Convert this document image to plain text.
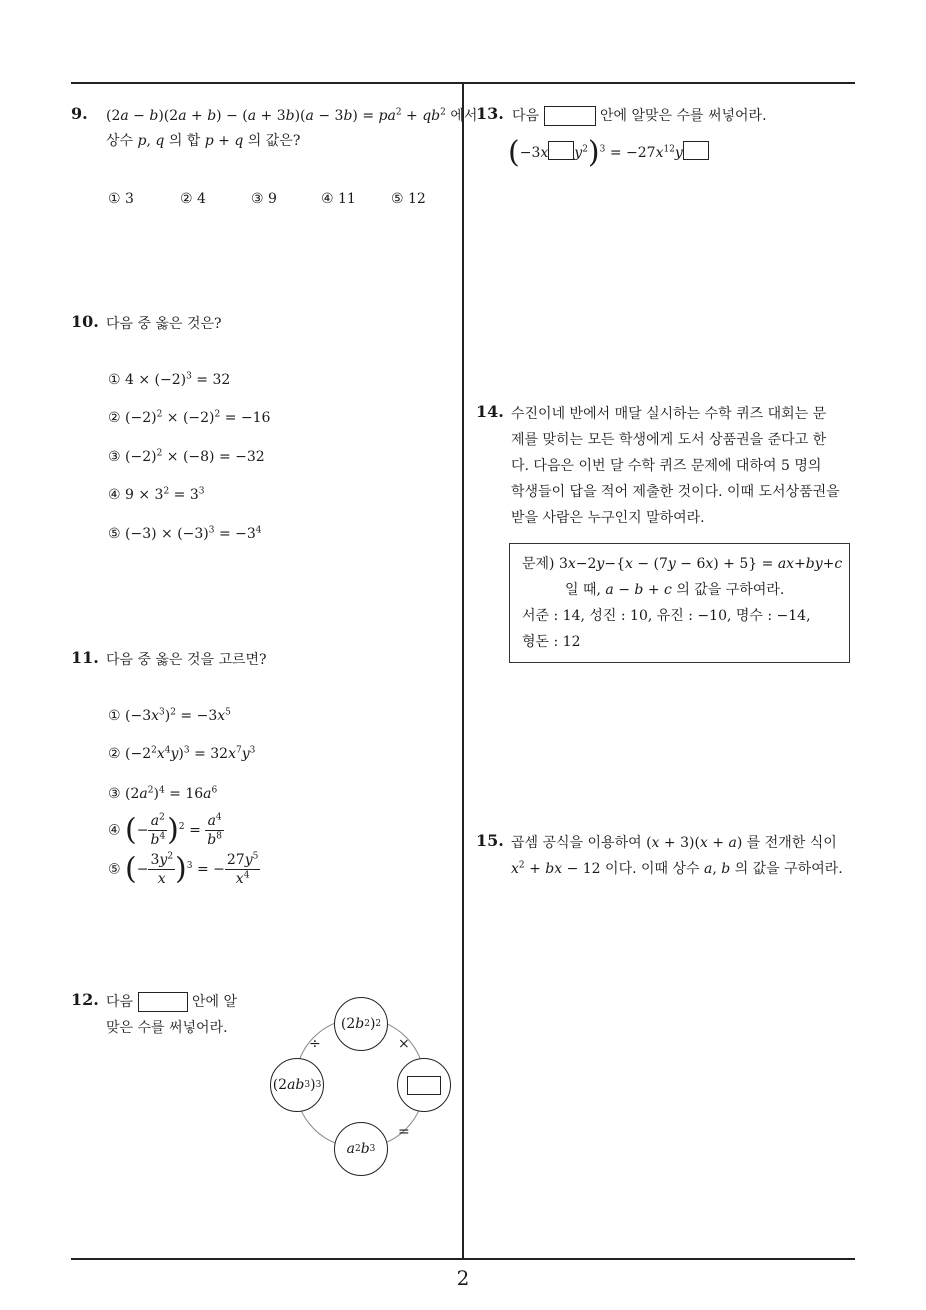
9. $(2a - b)(2a + b) - (a + 3b)(a - 3b) = pa^2 + qb^2$ 에서
상수 p, q 의 합 p + q 의 값은?
① 3	② 4	③ 9	④ 11	⑤ 12
10. 다음 중 옳은 것은?
① $4 \times (-2)^3 = 32$
② $(-2)^2 \times (-2)^2 = -16$
③ $(-2)^2 \times (-8) = -32$
④ $9 \times 3^2 = 3^3$
⑤ $(-3) \times (-3)^3 = -3^4$
11. 다음 중 옳은 것을 고르면?
① $(-3x^3)^2 = -3x^5$
② $(-2^2x^4y)^3 = 32x^7y^3$
③ $(2a^2)^4 = 16a^6$
④ (− $\frac{a^2}{b^4} )^2 = \frac{a^4}{b^8}$
⑤ (− $\frac{3y^2}{x} )^3$ = − $\frac{27y^5}{x^4}$
12. 다음	안에 알
맞은 수를 써넣어라.	(2 b 2 ) 2
(2 ab 3 ) 3
a 2 b 3
÷	×
=
13. 다음	안에 알맞은 수를 써넣어라.
(−3x $y^2)^3 = -27x^{12}y$
14. 수진이네 반에서 매달 실시하는 수학 퀴즈 대회는 문
제를 맞히는 모든 학생에게 도서 상품권을 준다고 한
다. 다음은 이번 달 수학 퀴즈 문제에 대하여 5 명의
학생들이 답을 적어 제출한 것이다. 이때 도서상품권을
받을 사람은 누구인지 말하여라.
문제) 3x−2y−{x − (7y − 6x) + 5} = ax+by+c
일 때, a − b + c 의 값을 구하여라.
서준 : 14, 성진 : 10, 유진 : −10, 명수 : −14,
형돈 : 12
15. 곱셈 공식을 이용하여 (x + 3)(x + a) 를 전개한 식이
$x^2$ + bx − 12 이다. 이때 상수 a, b 의 값을 구하여라.
2
